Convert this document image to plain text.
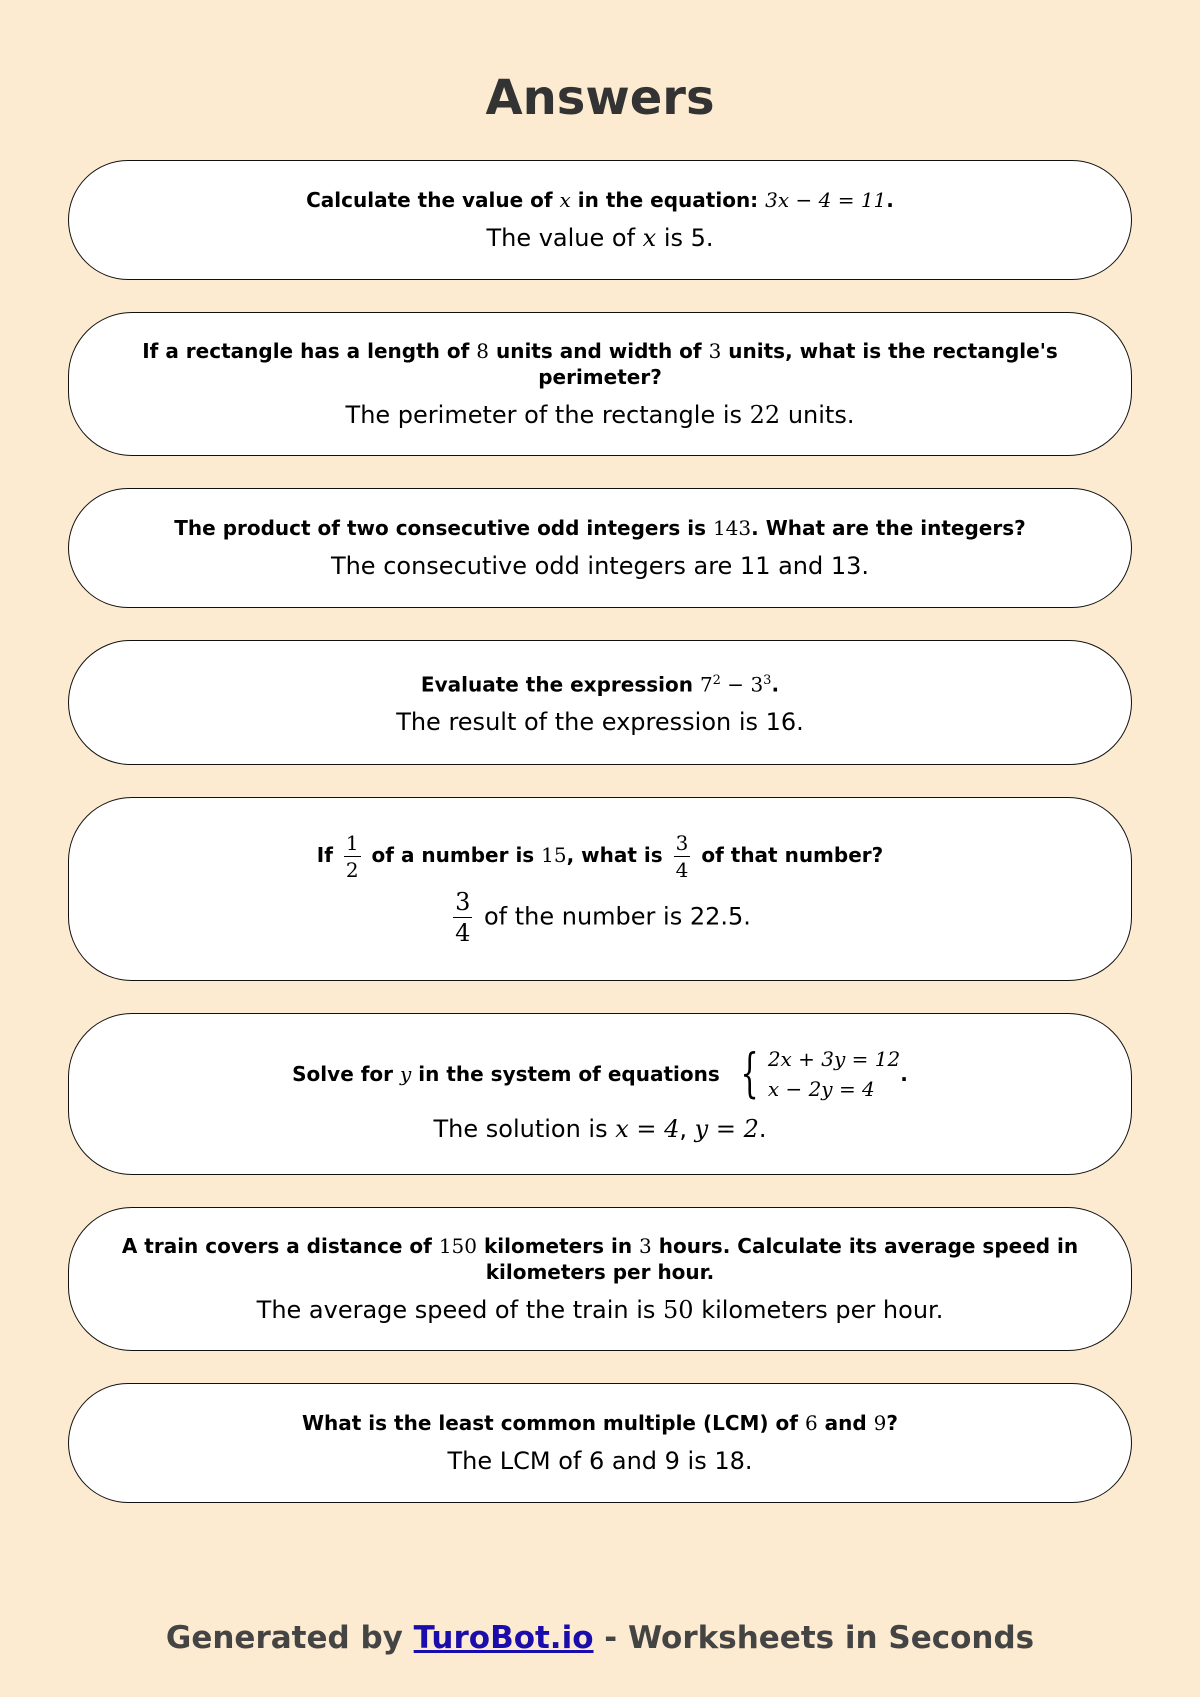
Answers
Calculate the value of x in the equation: 3x − 4 = 11.
The value of x is 5.
If a rectangle has a length of 8 units and width of 3 units, what is the rectangle's perimeter?
The perimeter of the rectangle is 22 units.
The product of two consecutive odd integers is 143. What are the integers?
The consecutive odd integers are 11 and 13.
Evaluate the expression $7^2 - 3^3$.
The result of the expression is 16.
If $\frac{1}{2}$ of a number is 15, what is $\frac{3}{4}$ of that number?
$\frac{3}{4}$ of the number is 22.5.
Solve for y in the system of equations { 2x + 3y = 12
x − 2y = 4
.
The solution is x = 4, y = 2.
A train covers a distance of 150 kilometers in 3 hours. Calculate its average speed in kilometers per hour.
The average speed of the train is 50 kilometers per hour.
What is the least common multiple (LCM) of 6 and 9?
The LCM of 6 and 9 is 18.
Generated by TuroBot.io - Worksheets in Seconds
